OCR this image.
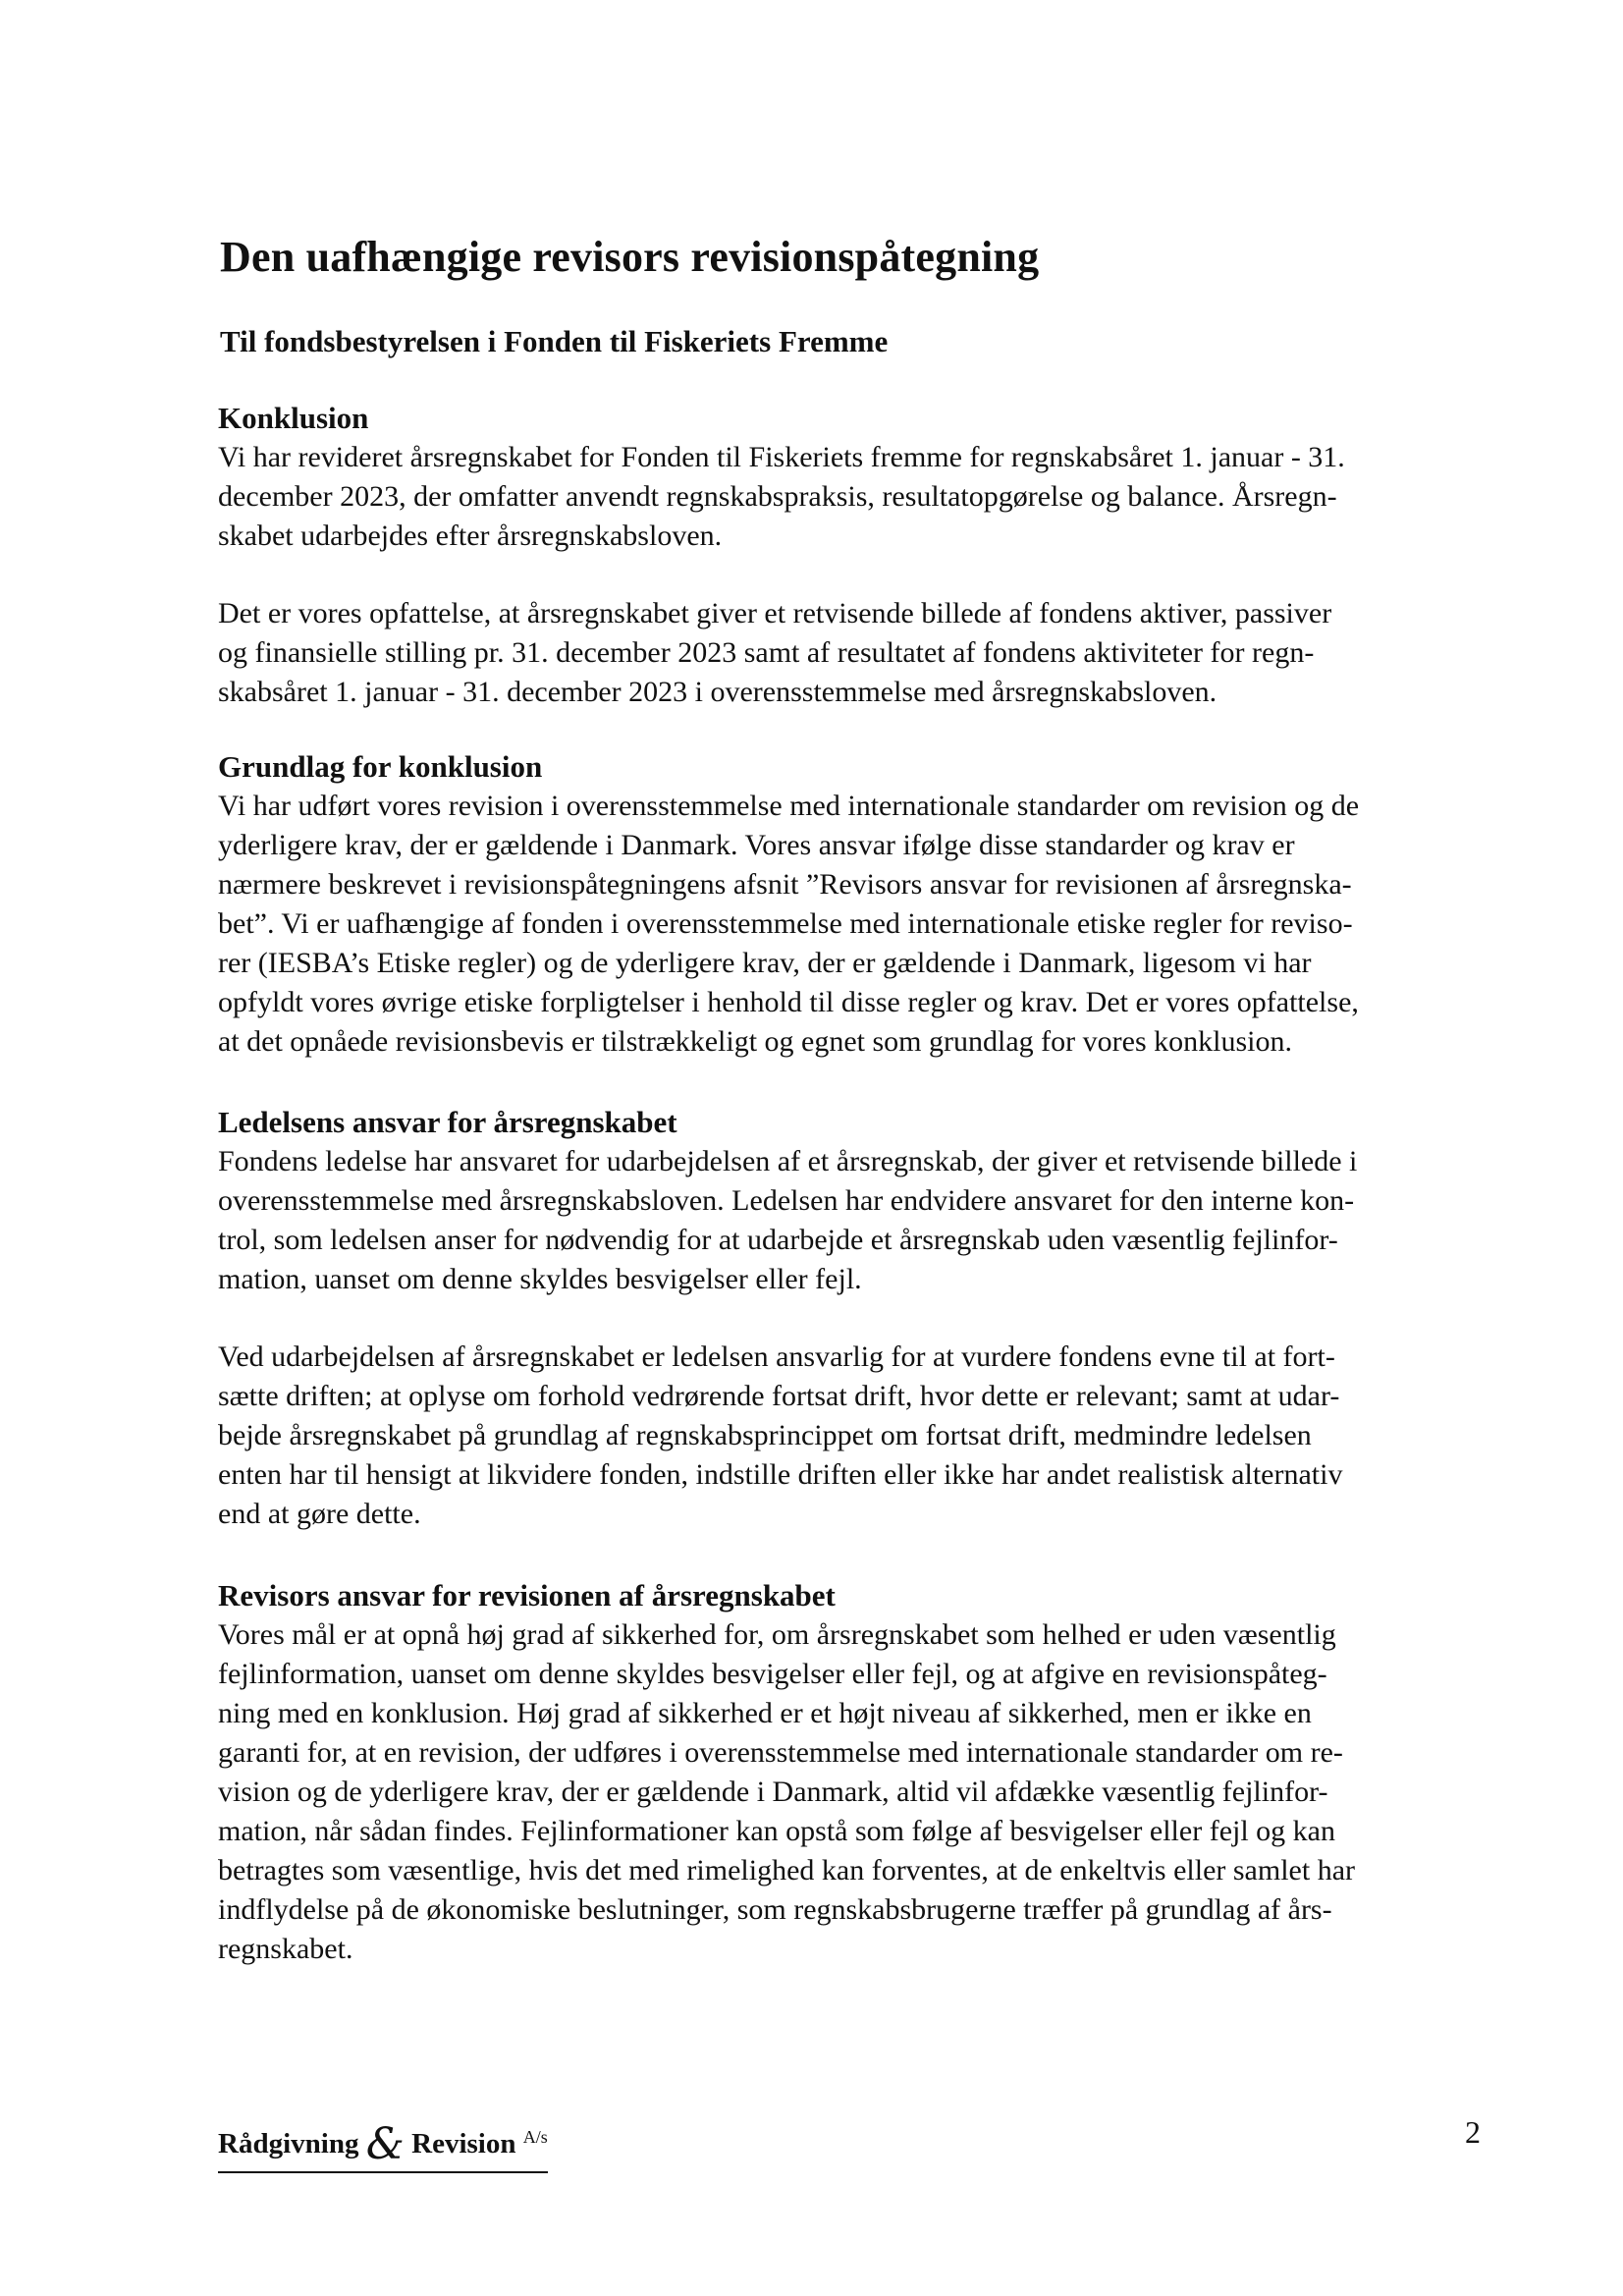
Den uafhængige revisors revisionspåtegning
Til fondsbestyrelsen i Fonden til Fiskeriets Fremme
Konklusion
Vi har revideret årsregnskabet for Fonden til Fiskeriets fremme for regnskabsåret 1. januar - 31.
december 2023, der omfatter anvendt regnskabspraksis, resultatopgørelse og balance. Årsregn-
skabet udarbejdes efter årsregnskabsloven.
Det er vores opfattelse, at årsregnskabet giver et retvisende billede af fondens aktiver, passiver
og finansielle stilling pr. 31. december 2023 samt af resultatet af fondens aktiviteter for regn-
skabsåret 1. januar - 31. december 2023 i overensstemmelse med årsregnskabsloven.
Grundlag for konklusion
Vi har udført vores revision i overensstemmelse med internationale standarder om revision og de
yderligere krav, der er gældende i Danmark. Vores ansvar ifølge disse standarder og krav er
nærmere beskrevet i revisionspåtegningens afsnit ”Revisors ansvar for revisionen af årsregnska-
bet”. Vi er uafhængige af fonden i overensstemmelse med internationale etiske regler for reviso-
rer (IESBA’s Etiske regler) og de yderligere krav, der er gældende i Danmark, ligesom vi har
opfyldt vores øvrige etiske forpligtelser i henhold til disse regler og krav. Det er vores opfattelse,
at det opnåede revisionsbevis er tilstrækkeligt og egnet som grundlag for vores konklusion.
Ledelsens ansvar for årsregnskabet
Fondens ledelse har ansvaret for udarbejdelsen af et årsregnskab, der giver et retvisende billede i
overensstemmelse med årsregnskabsloven. Ledelsen har endvidere ansvaret for den interne kon-
trol, som ledelsen anser for nødvendig for at udarbejde et årsregnskab uden væsentlig fejlinfor-
mation, uanset om denne skyldes besvigelser eller fejl.
Ved udarbejdelsen af årsregnskabet er ledelsen ansvarlig for at vurdere fondens evne til at fort-
sætte driften; at oplyse om forhold vedrørende fortsat drift, hvor dette er relevant; samt at udar-
bejde årsregnskabet på grundlag af regnskabsprincippet om fortsat drift, medmindre ledelsen
enten har til hensigt at likvidere fonden, indstille driften eller ikke har andet realistisk alternativ
end at gøre dette.
Revisors ansvar for revisionen af årsregnskabet
Vores mål er at opnå høj grad af sikkerhed for, om årsregnskabet som helhed er uden væsentlig
fejlinformation, uanset om denne skyldes besvigelser eller fejl, og at afgive en revisionspåteg-
ning med en konklusion. Høj grad af sikkerhed er et højt niveau af sikkerhed, men er ikke en
garanti for, at en revision, der udføres i overensstemmelse med internationale standarder om re-
vision og de yderligere krav, der er gældende i Danmark, altid vil afdække væsentlig fejlinfor-
mation, når sådan findes. Fejlinformationer kan opstå som følge af besvigelser eller fejl og kan
betragtes som væsentlige, hvis det med rimelighed kan forventes, at de enkeltvis eller samlet har
indflydelse på de økonomiske beslutninger, som regnskabsbrugerne træffer på grundlag af års-
regnskabet.
Rådgivning & Revision $^{A/s}$	2
